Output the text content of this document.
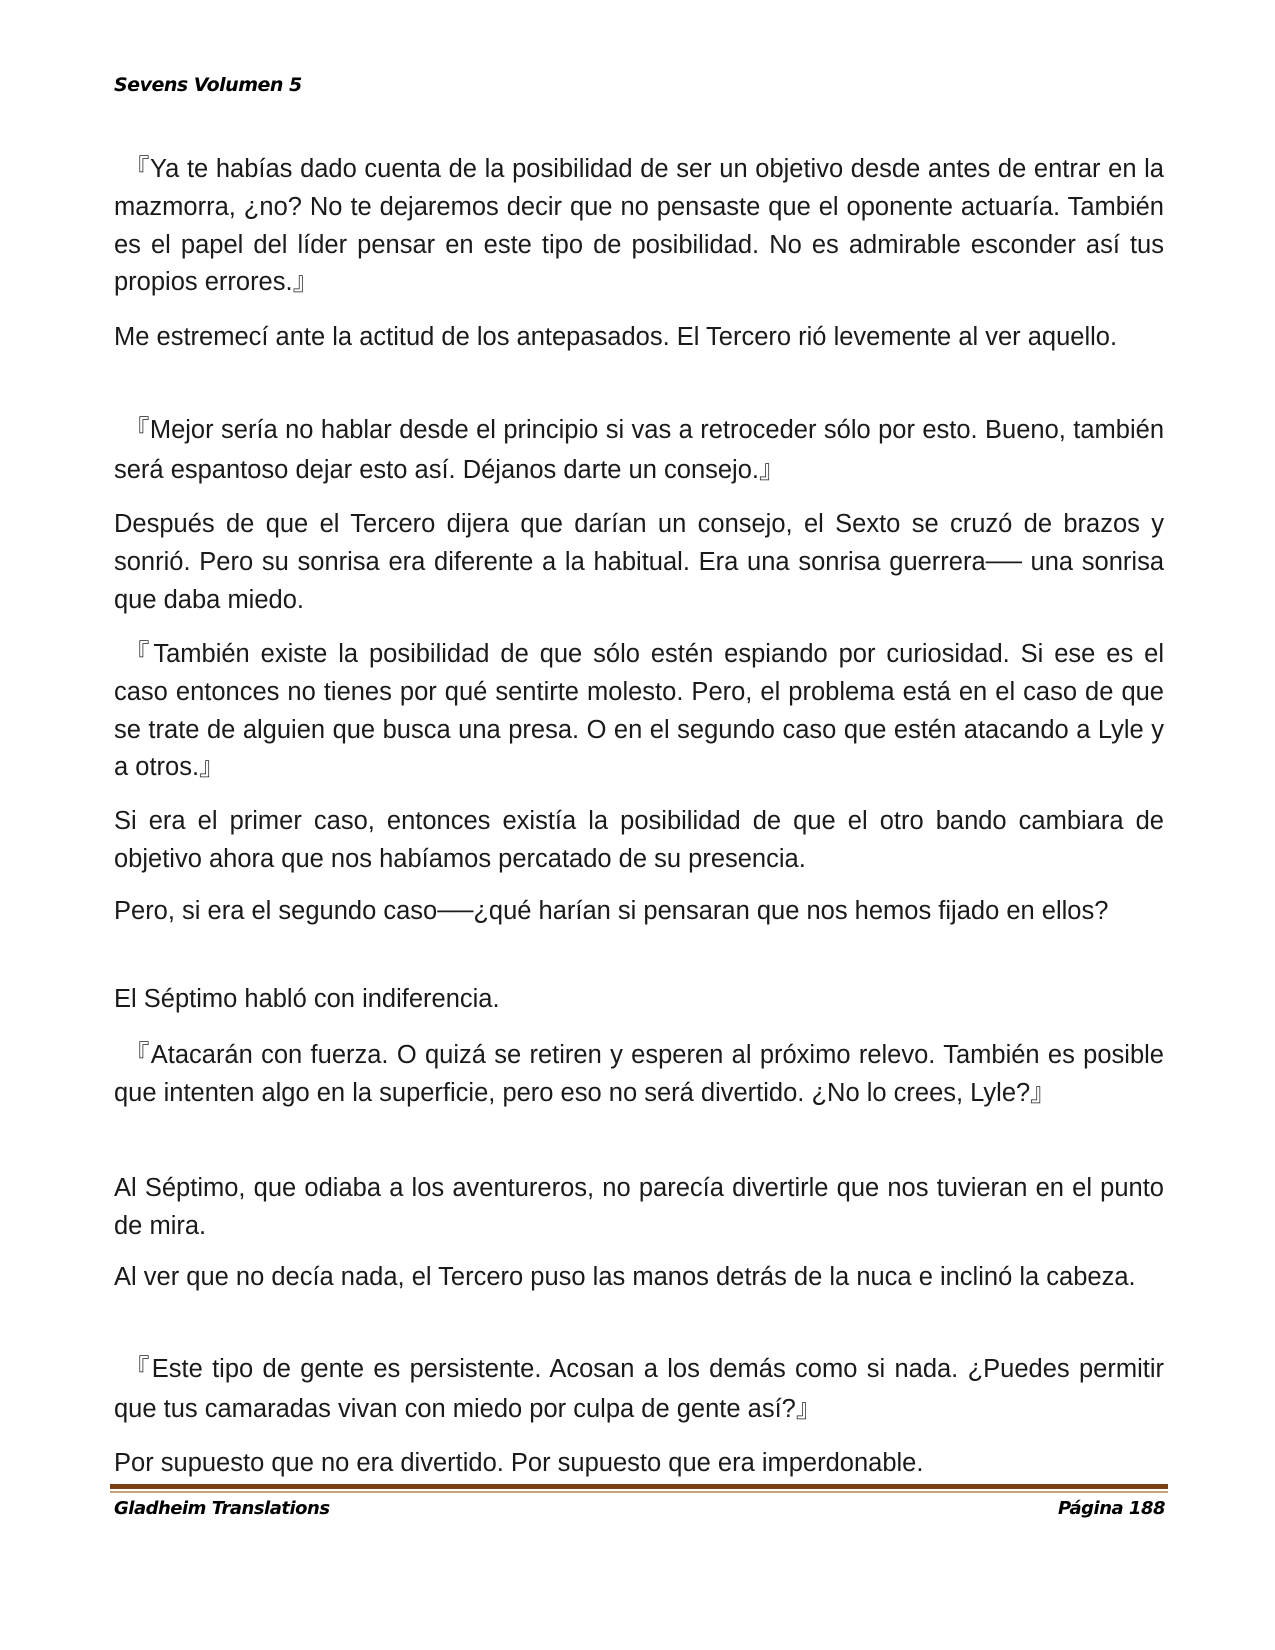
Sevens Volumen 5

『Ya te habías dado cuenta de la posibilidad de ser un objetivo desde antes de entrar en la mazmorra, ¿no? No te dejaremos decir que no pensaste que el oponente actuaría. También es el papel del líder pensar en este tipo de posibilidad. No es admirable esconder así tus propios errores.』

Me estremecí ante la actitud de los antepasados. El Tercero rió levemente al ver aquello.

『Mejor sería no hablar desde el principio si vas a retroceder sólo por esto. Bueno, también será espantoso dejar esto así. Déjanos darte un consejo.』

Después de que el Tercero dijera que darían un consejo, el Sexto se cruzó de brazos y sonrió. Pero su sonrisa era diferente a la habitual. Era una sonrisa guerrera── una sonrisa que daba miedo.

『También existe la posibilidad de que sólo estén espiando por curiosidad. Si ese es el caso entonces no tienes por qué sentirte molesto. Pero, el problema está en el caso de que se trate de alguien que busca una presa. O en el segundo caso que estén atacando a Lyle y a otros.』

Si era el primer caso, entonces existía la posibilidad de que el otro bando cambiara de objetivo ahora que nos habíamos percatado de su presencia.

Pero, si era el segundo caso──¿qué harían si pensaran que nos hemos fijado en ellos?

El Séptimo habló con indiferencia.

『Atacarán con fuerza. O quizá se retiren y esperen al próximo relevo. También es posible que intenten algo en la superficie, pero eso no será divertido. ¿No lo crees, Lyle?』

Al Séptimo, que odiaba a los aventureros, no parecía divertirle que nos tuvieran en el punto de mira.

Al ver que no decía nada, el Tercero puso las manos detrás de la nuca e inclinó la cabeza.

『Este tipo de gente es persistente. Acosan a los demás como si nada. ¿Puedes permitir que tus camaradas vivan con miedo por culpa de gente así?』

Por supuesto que no era divertido. Por supuesto que era imperdonable.

Gladheim Translations	Página 188
